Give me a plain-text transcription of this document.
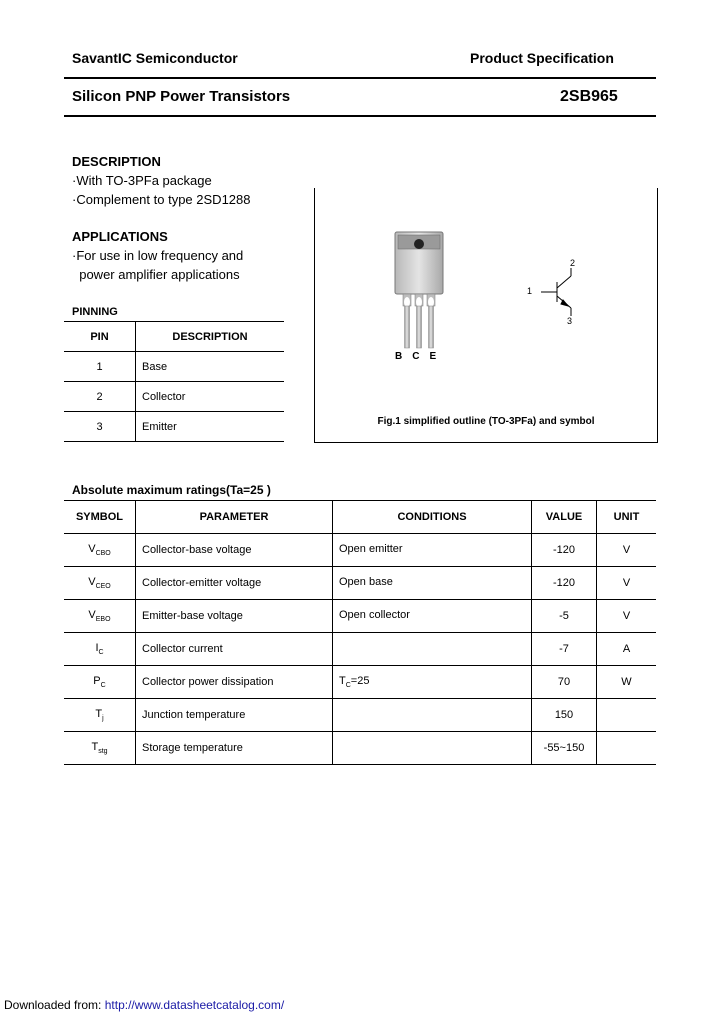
SavantIC Semiconductor	Product Specification
Silicon PNP Power Transistors	2SB965
DESCRIPTION
·With TO-3PFa package
·Complement to type 2SD1288
APPLICATIONS
·For use in low frequency and
power amplifier applications
PINNING
PIN	DESCRIPTION
1	Base
2	Collector
3	Emitter
BCE
1
2
3
Fig.1 simplified outline (TO-3PFa) and symbol
Absolute maximum ratings(Ta=25 )
SYMBOL	PARAMETER	CONDITIONS	VALUE	UNIT
$V_{CBO}$	Collector-base voltage	Open emitter	-120	V
$V_{CEO}$	Collector-emitter voltage	Open base	-120	V
$V_{EBO}$	Emitter-base voltage	Open collector	-5	V
$I_C$	Collector current		-7	A
$P_C$	Collector power dissipation	$T_C=25$	70	W
$T_j$	Junction temperature		150	
$T_{stg}$	Storage temperature		-55~150	
Downloaded from: http://www.datasheetcatalog.com/
